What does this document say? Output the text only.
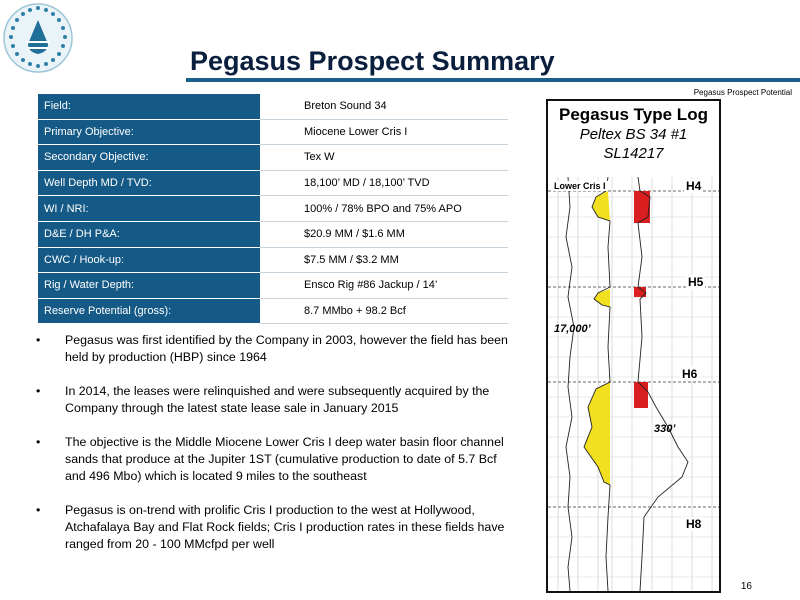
Pegasus Prospect Summary
Pegasus Prospect Potential
Field:	Breton Sound 34
Primary Objective:	Miocene Lower Cris I
Secondary Objective:	Tex W
Well Depth MD / TVD:	18,100’ MD / 18,100’ TVD
WI / NRI:	100% / 78% BPO and 75% APO
D&E / DH P&A:	$20.9 MM / $1.6 MM
CWC / Hook-up:	$7.5 MM / $3.2 MM
Rig / Water Depth:	Ensco Rig #86 Jackup / 14’
Reserve Potential (gross):	8.7 MMbo + 98.2 Bcf
• Pegasus was first identified by the Company in 2003, however the field has been held by production (HBP) since 1964
• In 2014, the leases were relinquished and were subsequently acquired by the Company through the latest state lease sale in January 2015
• The objective is the Middle Miocene Lower Cris I deep water basin floor channel sands that produce at the Jupiter 1ST (cumulative production to date of 5.7 Bcf and 496 Mbo) which is located 9 miles to the southeast
• Pegasus is on-trend with prolific Cris I production to the west at Hollywood, Atchafalaya Bay and Flat Rock fields; Cris I production rates in these fields have ranged from 20 - 100 MMcfpd per well
Pegasus Type Log
Peltex BS 34 #1
SL14217
Lower Cris I	H4
H5
17,000’
H6
330’
H8
16
